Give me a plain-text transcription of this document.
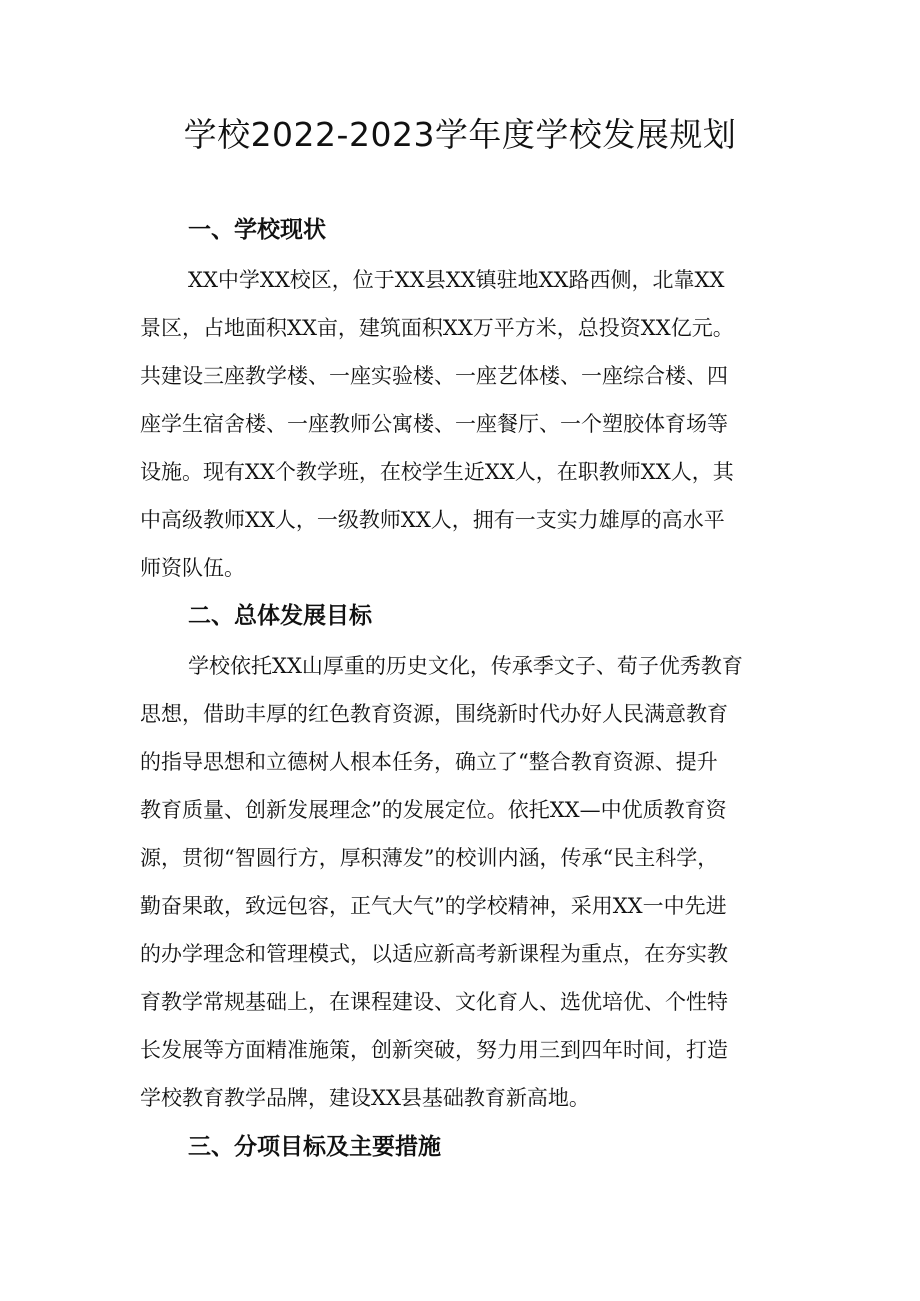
学校2022-2023学年度学校发展规划
一、学校现状
XX中学XX校区，位于XX县XX镇驻地XX路西侧，北靠XX
景区，占地面积XX亩，建筑面积XX万平方米，总投资XX亿元。
共建设三座教学楼、一座实验楼、一座艺体楼、一座综合楼、四
座学生宿舍楼、一座教师公寓楼、一座餐厅、一个塑胶体育场等
设施。现有XX个教学班，在校学生近XX人，在职教师XX人，其
中高级教师XX人，一级教师XX人，拥有一支实力雄厚的高水平
师资队伍。
二、总体发展目标
学校依托XX山厚重的历史文化，传承季文子、荀子优秀教育
思想，借助丰厚的红色教育资源，围绕新时代办好人民满意教育
的指导思想和立德树人根本任务，确立了“整合教育资源、提升
教育质量、创新发展理念”的发展定位。依托XX—中优质教育资
源，贯彻“智圆行方，厚积薄发”的校训内涵，传承“民主科学，
勤奋果敢，致远包容，正气大气”的学校精神，采用XX一中先进
的办学理念和管理模式，以适应新高考新课程为重点，在夯实教
育教学常规基础上，在课程建设、文化育人、选优培优、个性特
长发展等方面精准施策，创新突破，努力用三到四年时间，打造
学校教育教学品牌，建设XX县基础教育新高地。
三、分项目标及主要措施
